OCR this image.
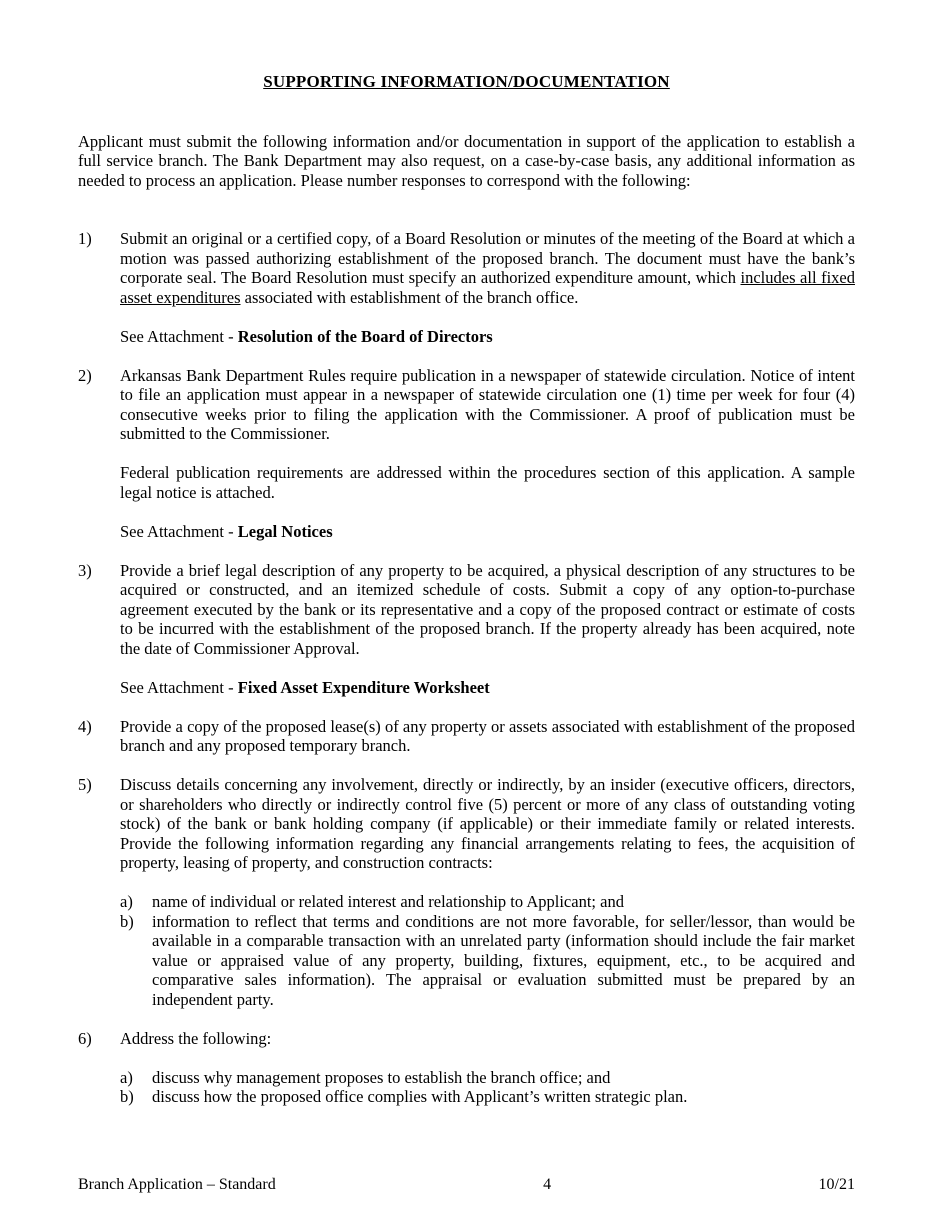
SUPPORTING INFORMATION/DOCUMENTATION

Applicant must submit the following information and/or documentation in support of the application to establish a full service branch. The Bank Department may also request, on a case-by-case basis, any additional information as needed to process an application. Please number responses to correspond with the following:

1)	Submit an original or a certified copy, of a Board Resolution or minutes of the meeting of the Board at which a motion was passed authorizing establishment of the proposed branch. The document must have the bank’s corporate seal. The Board Resolution must specify an authorized expenditure amount, which includes all fixed asset expenditures associated with establishment of the branch office.

See Attachment - Resolution of the Board of Directors

2)	Arkansas Bank Department Rules require publication in a newspaper of statewide circulation. Notice of intent to file an application must appear in a newspaper of statewide circulation one (1) time per week for four (4) consecutive weeks prior to filing the application with the Commissioner. A proof of publication must be submitted to the Commissioner.

Federal publication requirements are addressed within the procedures section of this application. A sample legal notice is attached.

See Attachment - Legal Notices

3)	Provide a brief legal description of any property to be acquired, a physical description of any structures to be acquired or constructed, and an itemized schedule of costs. Submit a copy of any option-to-purchase agreement executed by the bank or its representative and a copy of the proposed contract or estimate of costs to be incurred with the establishment of the proposed branch. If the property already has been acquired, note the date of Commissioner Approval.

See Attachment - Fixed Asset Expenditure Worksheet

4)	Provide a copy of the proposed lease(s) of any property or assets associated with establishment of the proposed branch and any proposed temporary branch.

5)	Discuss details concerning any involvement, directly or indirectly, by an insider (executive officers, directors, or shareholders who directly or indirectly control five (5) percent or more of any class of outstanding voting stock) of the bank or bank holding company (if applicable) or their immediate family or related interests. Provide the following information regarding any financial arrangements relating to fees, the acquisition of property, leasing of property, and construction contracts:

a)	name of individual or related interest and relationship to Applicant; and
b)	information to reflect that terms and conditions are not more favorable, for seller/lessor, than would be available in a comparable transaction with an unrelated party (information should include the fair market value or appraised value of any property, building, fixtures, equipment, etc., to be acquired and comparative sales information). The appraisal or evaluation submitted must be prepared by an independent party.
6)	Address the following:

a)	discuss why management proposes to establish the branch office; and
b)	discuss how the proposed office complies with Applicant’s written strategic plan.
Branch Application – Standard	4	10/21
